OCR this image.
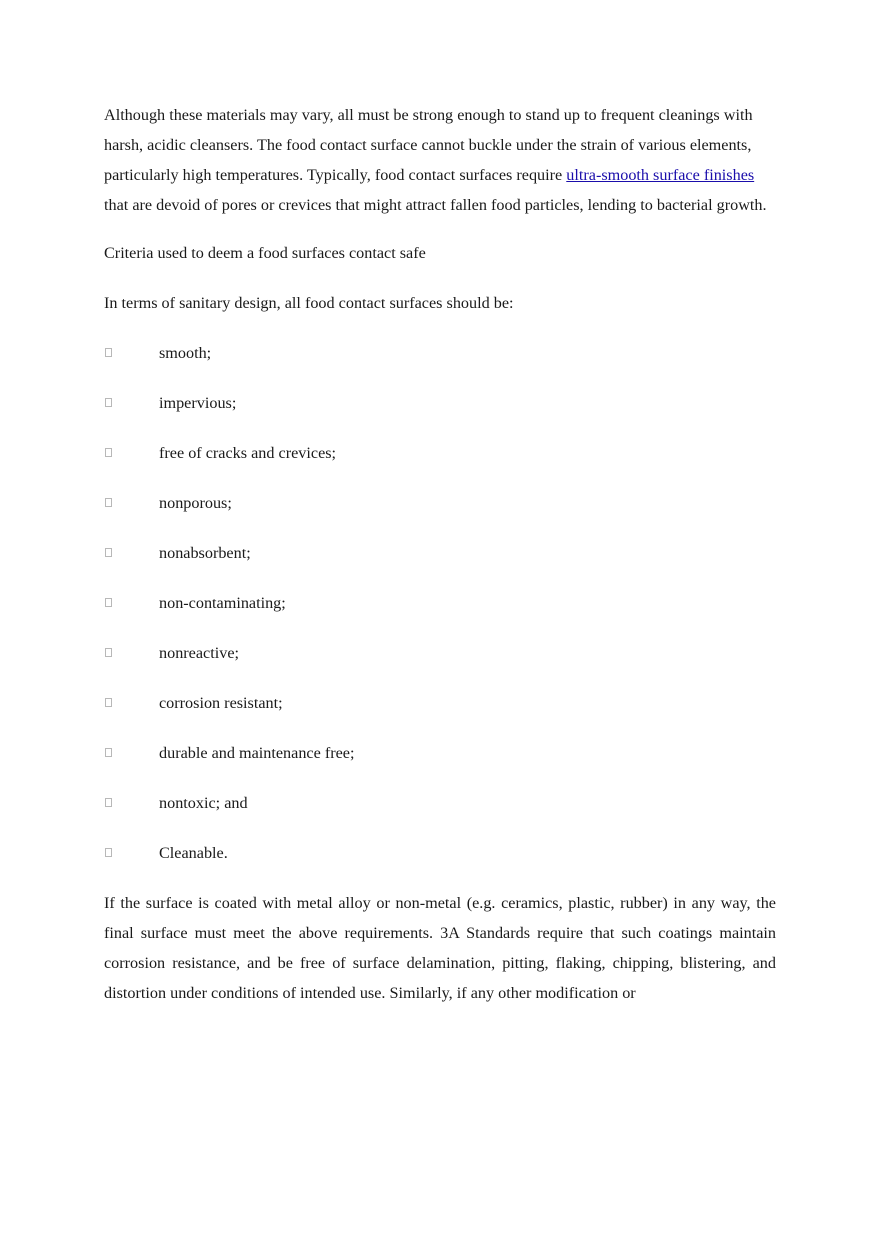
Although these materials may vary, all must be strong enough to stand up to frequent cleanings with harsh, acidic cleansers. The food contact surface cannot buckle under the strain of various elements, particularly high temperatures. Typically, food contact surfaces require ultra-smooth surface finishes that are devoid of pores or crevices that might attract fallen food particles, lending to bacterial growth.

Criteria used to deem a food surfaces contact safe

In terms of sanitary design, all food contact surfaces should be:

smooth;
impervious;
free of cracks and crevices;
nonporous;
nonabsorbent;
non-contaminating;
nonreactive;
corrosion resistant;
durable and maintenance free;
nontoxic; and
Cleanable.

If the surface is coated with metal alloy or non-metal (e.g. ceramics, plastic, rubber) in any way, the final surface must meet the above requirements. 3A Standards require that such coatings maintain corrosion resistance, and be free of surface delamination, pitting, flaking, chipping, blistering, and distortion under conditions of intended use. Similarly, if any other modification or
